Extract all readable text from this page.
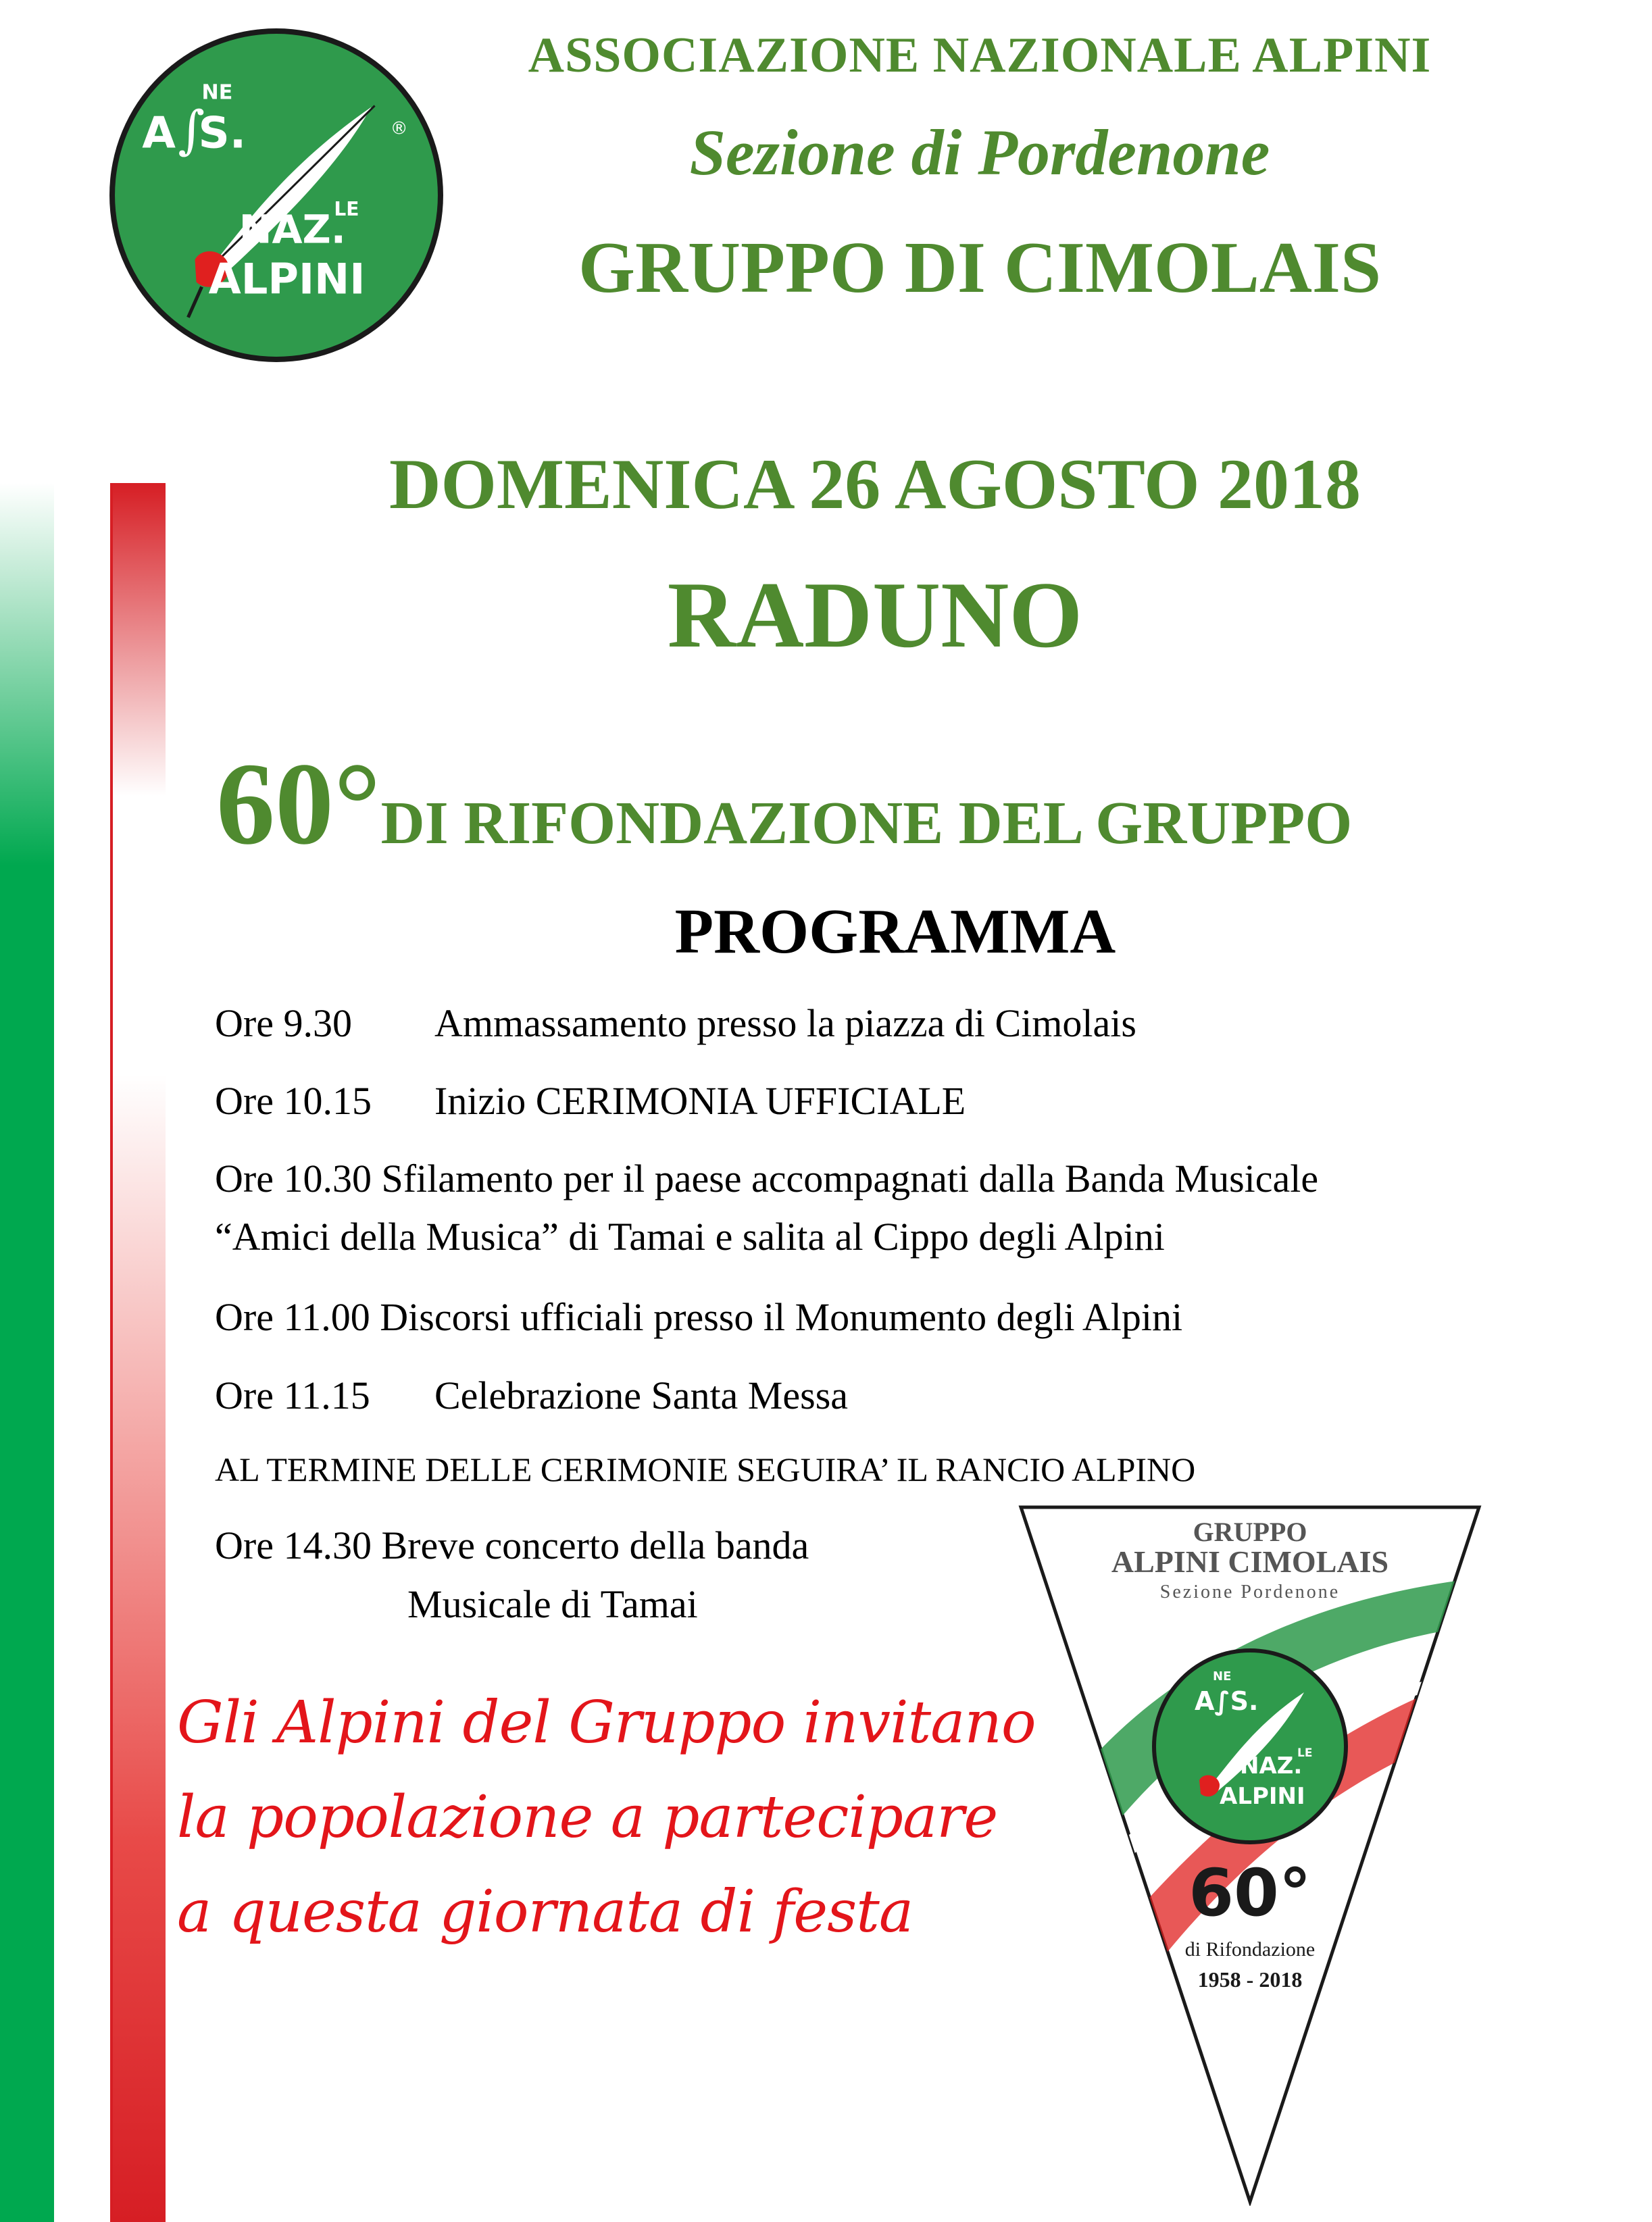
A ∫
S.
NE
NAZ.
LE
ALPINI
®
ASSOCIAZIONE NAZIONALE ALPINI
Sezione di Pordenone
GRUPPO DI CIMOLAIS
DOMENICA 26 AGOSTO 2018
RADUNO
60°DI RIFONDAZIONE DEL GRUPPO
PROGRAMMA
Ore 9.30 Ammassamento presso la piazza di Cimolais
Ore 10.15 Inizio CERIMONIA UFFICIALE
Ore 10.30 Sfilamento per il paese accompagnati dalla Banda Musicale
“Amici della Musica” di Tamai e salita al Cippo degli Alpini
Ore 11.00 Discorsi ufficiali presso il Monumento degli Alpini
Ore 11.15 Celebrazione Santa Messa
AL TERMINE DELLE CERIMONIE SEGUIRA’ IL RANCIO ALPINO
Ore 14.30 Breve concerto della banda
Musicale di Tamai
Gli Alpini del Gruppo invitano
la popolazione a partecipare
a questa giornata di festa
GRUPPO
ALPINI CIMOLAIS
Sezione Pordenone
A∫S.
NE
NAZ.
LE
ALPINI
60°
di Rifondazione
1958 - 2018
